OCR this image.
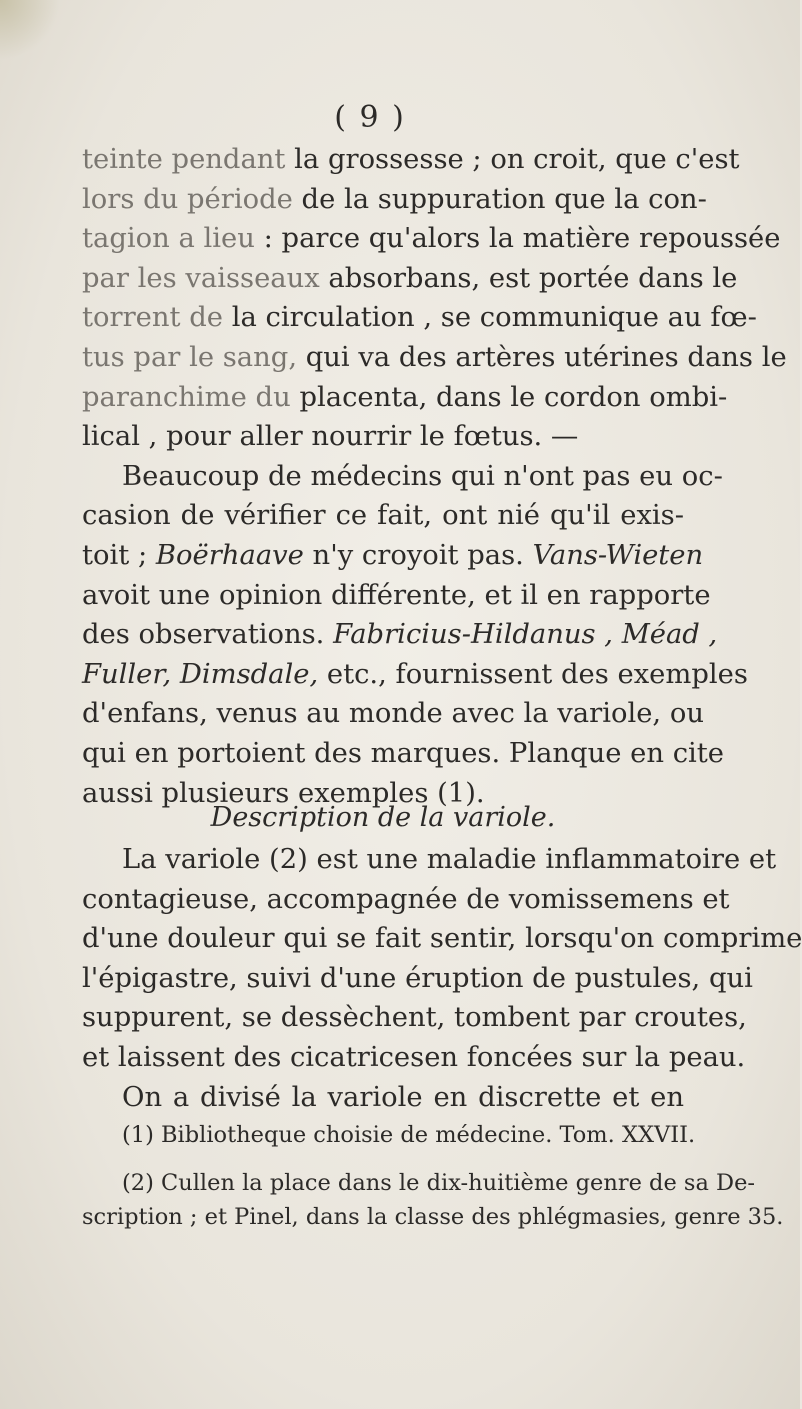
( 9 )
teinte pendant la grossesse ; on croit, que c'est
lors du période de la suppuration que la con-
tagion a lieu : parce qu'alors la matière repoussée
par les vaisseaux absorbans, est portée dans le
torrent de la circulation , se communique au fœ-
tus par le sang, qui va des artères utérines dans le
paranchime du placenta, dans le cordon ombi-
lical , pour aller nourrir le fœtus. —
Beaucoup de médecins qui n'ont pas eu oc-
casion de vérifier ce fait, ont nié qu'il exis-
toit ; Boërhaave n'y croyoit pas. Vans-Wieten
avoit une opinion différente, et il en rapporte
des observations. Fabricius-Hildanus , Méad ,
Fuller, Dimsdale, etc., fournissent des exemples
d'enfans, venus au monde avec la variole, ou
qui en portoient des marques. Planque en cite
aussi plusieurs exemples (1).
Description de la variole.
La variole (2) est une maladie inflammatoire et
contagieuse, accompagnée de vomissemens et
d'une douleur qui se fait sentir, lorsqu'on comprime
l'épigastre, suivi d'une éruption de pustules, qui
suppurent, se dessèchent, tombent par croutes,
et laissent des cicatricesen foncées sur la peau.
On a divisé la variole en discrette et en
(1) Bibliotheque choisie de médecine. Tom. XXVII.
(2) Cullen la place dans le dix-huitième genre de sa De-
scription ; et Pinel, dans la classe des phlégmasies, genre 35.
